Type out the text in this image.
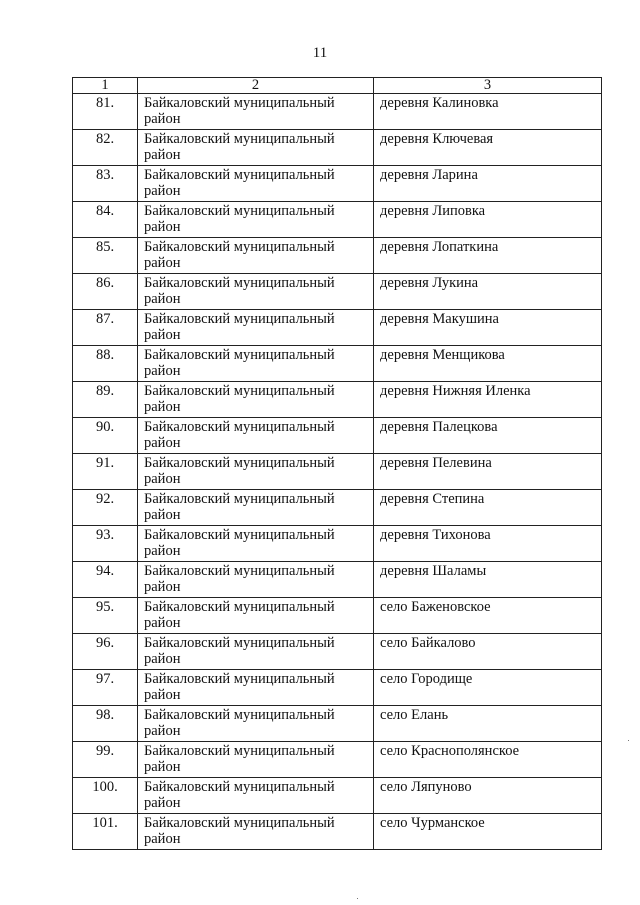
11
1	2	3
81.	Байкаловский муниципальный район	деревня Калиновка
82.	Байкаловский муниципальный район	деревня Ключевая
83.	Байкаловский муниципальный район	деревня Ларина
84.	Байкаловский муниципальный район	деревня Липовка
85.	Байкаловский муниципальный район	деревня Лопаткина
86.	Байкаловский муниципальный район	деревня Лукина
87.	Байкаловский муниципальный район	деревня Макушина
88.	Байкаловский муниципальный район	деревня Менщикова
89.	Байкаловский муниципальный район	деревня Нижняя Иленка
90.	Байкаловский муниципальный район	деревня Палецкова
91.	Байкаловский муниципальный район	деревня Пелевина
92.	Байкаловский муниципальный район	деревня Степина
93.	Байкаловский муниципальный район	деревня Тихонова
94.	Байкаловский муниципальный район	деревня Шаламы
95.	Байкаловский муниципальный район	село Баженовское
96.	Байкаловский муниципальный район	село Байкалово
97.	Байкаловский муниципальный район	село Городище
98.	Байкаловский муниципальный район	село Елань
99.	Байкаловский муниципальный район	село Краснополянское
100.	Байкаловский муниципальный район	село Ляпуново
101.	Байкаловский муниципальный район	село Чурманское
